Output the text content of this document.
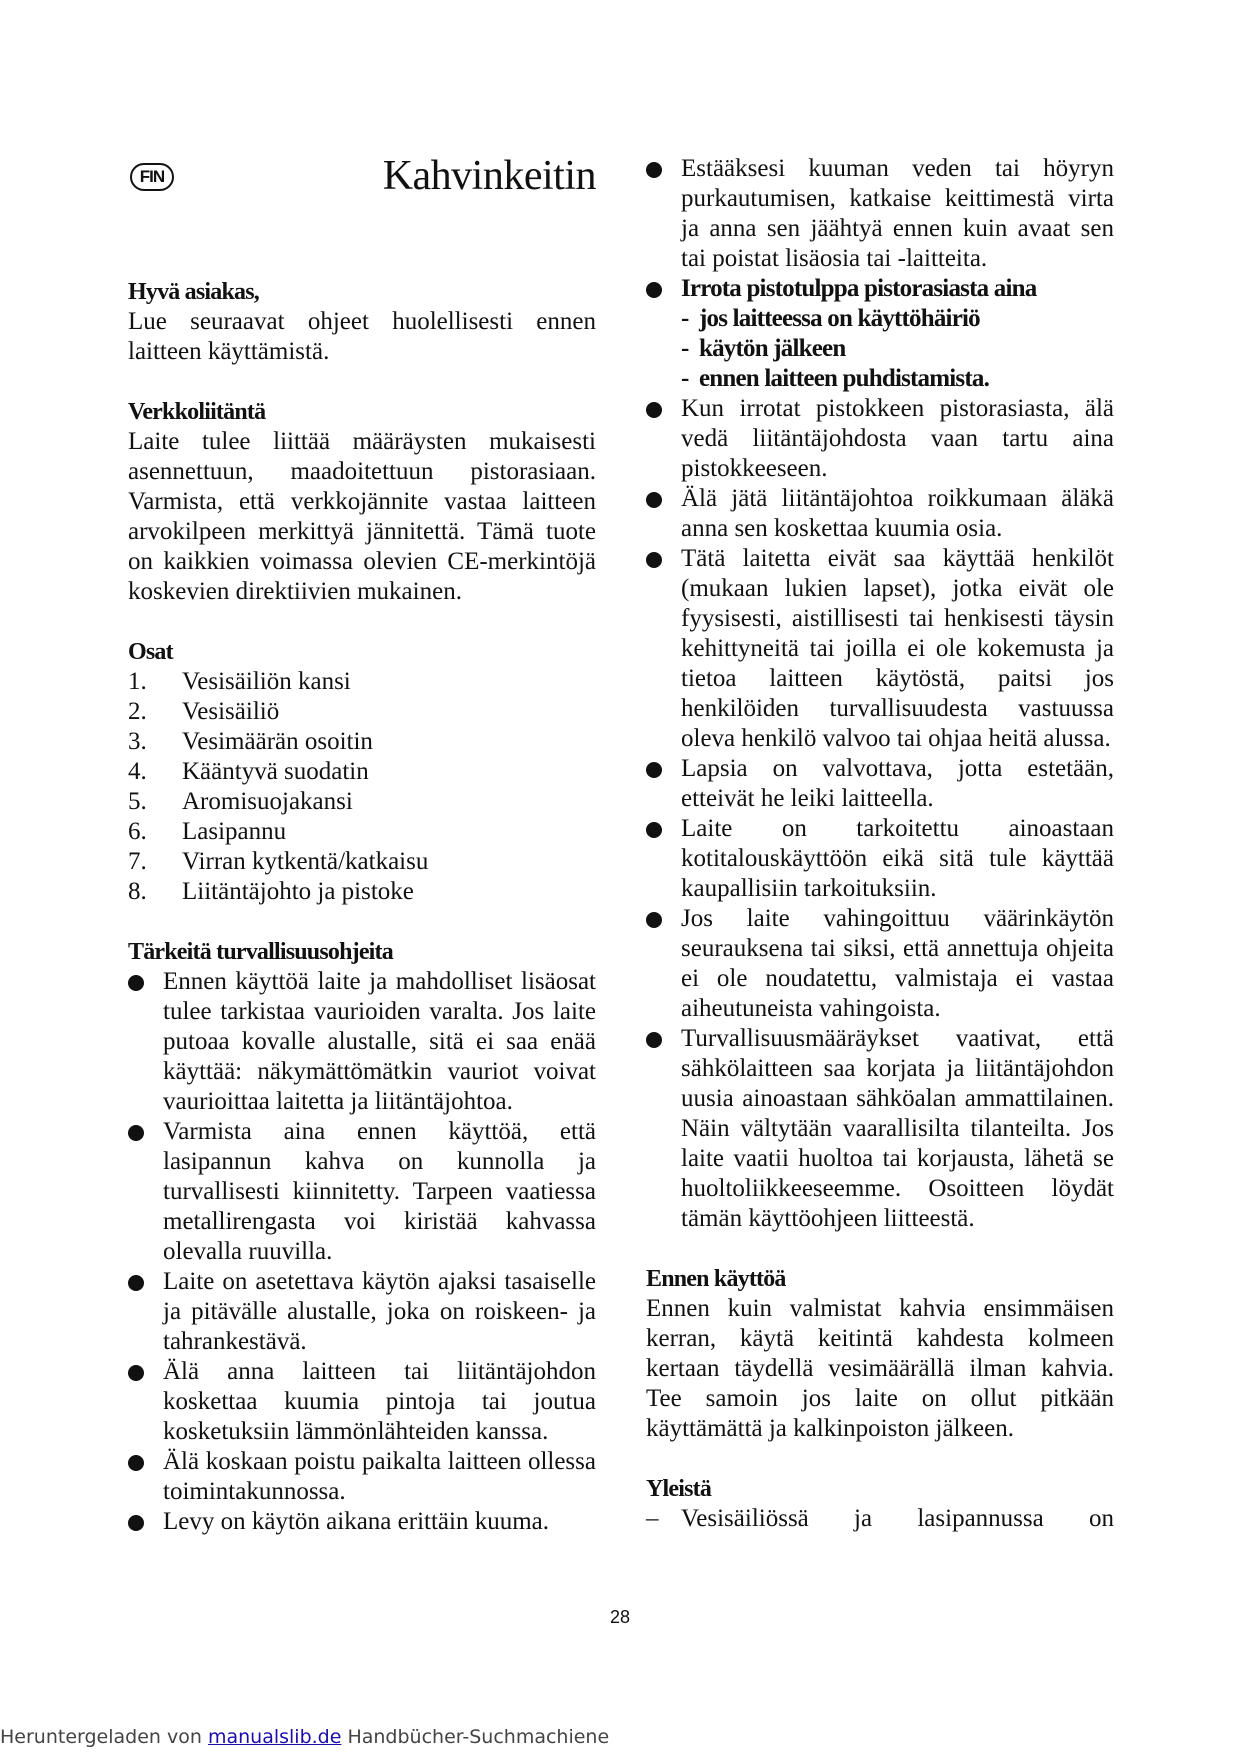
FIN	Kahvinkeitin
Hyvä asiakas,

Lue seuraavat ohjeet huolellisesti ennen laitteen käyttämistä.

Verkkoliitäntä

Laite tulee liittää määräysten mukaisesti asennettuun, maadoitettuun pistorasiaan. Varmista, että verkkojännite vastaa laitteen arvokilpeen merkittyä jännitettä. Tämä tuote on kaikkien voimassa olevien CE-merkintöjä koskevien direktiivien mukainen.

Osat
1.	Vesisäiliön kansi
2.	Vesisäiliö
3.	Vesimäärän osoitin
4.	Kääntyvä suodatin
5.	Aromisuojakansi
6.	Lasipannu
7.	Virran kytkentä/katkaisu
8.	Liitäntäjohto ja pistoke
Tärkeitä turvallisuusohjeita
Ennen käyttöä laite ja mahdolliset lisäosat tulee tarkistaa vaurioiden varalta. Jos laite putoaa kovalle alustalle, sitä ei saa enää käyttää: näkymättömätkin vauriot voivat vaurioittaa laitetta ja liitäntäjohtoa.
Varmista aina ennen käyttöä, että lasipannun kahva on kunnolla ja turvallisesti kiinnitetty. Tarpeen vaatiessa metallirengasta voi kiristää kahvassa olevalla ruuvilla.
Laite on asetettava käytön ajaksi tasaiselle ja pitävälle alustalle, joka on roiskeen- ja tahrankestävä.
Älä anna laitteen tai liitäntäjohdon koskettaa kuumia pintoja tai joutua kosketuksiin lämmönlähteiden kanssa.
Älä koskaan poistu paikalta laitteen ollessa toimintakunnossa.
Levy on käytön aikana erittäin kuuma.
Estääksesi kuuman veden tai höyryn purkautumisen, katkaise keittimestä virta ja anna sen jäähtyä ennen kuin avaat sen tai poistat lisäosia tai -laitteita.
Irrota pistotulppa pistorasiasta aina
- jos laitteessa on käyttöhäiriö
- käytön jälkeen
- ennen laitteen puhdistamista.
Kun irrotat pistokkeen pistorasiasta, älä vedä liitäntäjohdosta vaan tartu aina pistokkeeseen.
Älä jätä liitäntäjohtoa roikkumaan äläkä anna sen koskettaa kuumia osia.
Tätä laitetta eivät saa käyttää henkilöt (mukaan lukien lapset), jotka eivät ole fyysisesti, aistillisesti tai henkisesti täysin kehittyneitä tai joilla ei ole kokemusta ja tietoa laitteen käytöstä, paitsi jos henkilöiden turvallisuudesta vastuussa oleva henkilö valvoo tai ohjaa heitä alussa.
Lapsia on valvottava, jotta estetään, etteivät he leiki laitteella.
Laite on tarkoitettu ainoastaan kotitalouskäyttöön eikä sitä tule käyttää kaupallisiin tarkoituksiin.
Jos laite vahingoittuu väärinkäytön seurauksena tai siksi, että annettuja ohjeita ei ole noudatettu, valmistaja ei vastaa aiheutuneista vahingoista.
Turvallisuusmääräykset vaativat, että sähkölaitteen saa korjata ja liitäntäjohdon uusia ainoastaan sähköalan ammattilainen. Näin vältytään vaarallisilta tilanteilta. Jos laite vaatii huoltoa tai korjausta, lähetä se huoltoliikkeeseemme. Osoitteen löydät tämän käyttöohjeen liitteestä.
Ennen käyttöä

Ennen kuin valmistat kahvia ensimmäisen kerran, käytä keitintä kahdesta kolmeen kertaan täydellä vesimäärällä ilman kahvia. Tee samoin jos laite on ollut pitkään käyttämättä ja kalkinpoiston jälkeen.

Yleistä
– Vesisäiliössä ja lasipannussa on
28
Heruntergeladen von manualslib.de Handbücher-Suchmachiene
